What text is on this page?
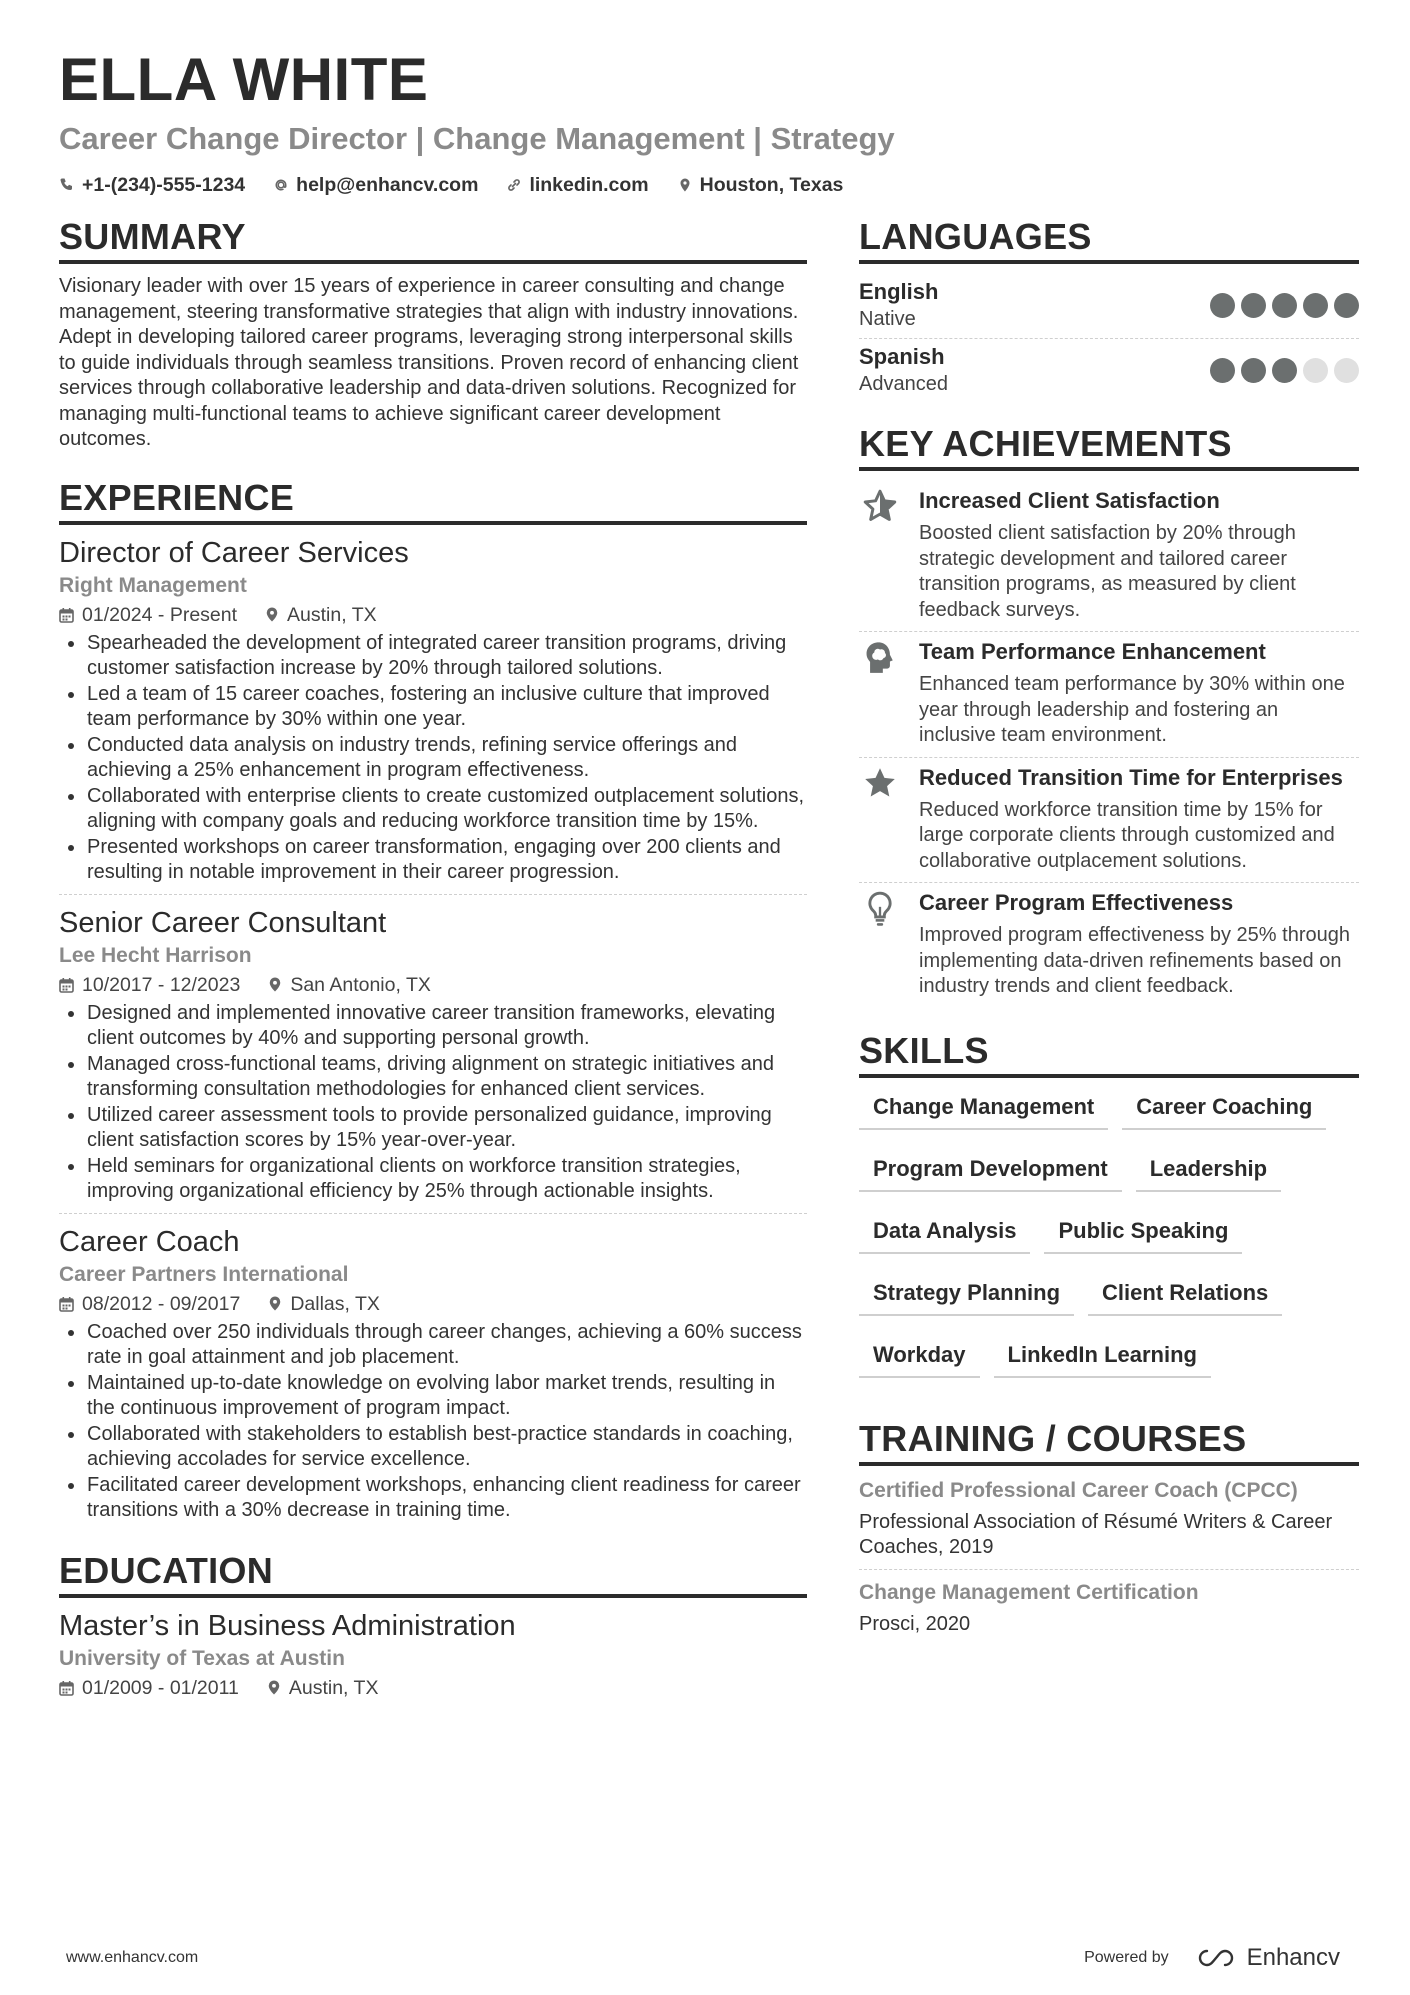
ELLA WHITE
Career Change Director | Change Management | Strategy
+1-(234)-555-1234	help@enhancv.com	linkedin.com	Houston, Texas
SUMMARY
Visionary leader with over 15 years of experience in career consulting and change management, steering transformative strategies that align with industry innovations. Adept in developing tailored career programs, leveraging strong interpersonal skills to guide individuals through seamless transitions. Proven record of enhancing client services through collaborative leadership and data-driven solutions. Recognized for managing multi-functional teams to achieve significant career development outcomes.
EXPERIENCE
Director of Career Services
Right Management
01/2024 - Present	Austin, TX
Spearheaded the development of integrated career transition programs, driving customer satisfaction increase by 20% through tailored solutions.
Led a team of 15 career coaches, fostering an inclusive culture that improved team performance by 30% within one year.
Conducted data analysis on industry trends, refining service offerings and achieving a 25% enhancement in program effectiveness.
Collaborated with enterprise clients to create customized outplacement solutions, aligning with company goals and reducing workforce transition time by 15%.
Presented workshops on career transformation, engaging over 200 clients and resulting in notable improvement in their career progression.
Senior Career Consultant
Lee Hecht Harrison
10/2017 - 12/2023	San Antonio, TX
Designed and implemented innovative career transition frameworks, elevating client outcomes by 40% and supporting personal growth.
Managed cross-functional teams, driving alignment on strategic initiatives and transforming consultation methodologies for enhanced client services.
Utilized career assessment tools to provide personalized guidance, improving client satisfaction scores by 15% year-over-year.
Held seminars for organizational clients on workforce transition strategies, improving organizational efficiency by 25% through actionable insights.
Career Coach
Career Partners International
08/2012 - 09/2017	Dallas, TX
Coached over 250 individuals through career changes, achieving a 60% success rate in goal attainment and job placement.
Maintained up-to-date knowledge on evolving labor market trends, resulting in the continuous improvement of program impact.
Collaborated with stakeholders to establish best-practice standards in coaching, achieving accolades for service excellence.
Facilitated career development workshops, enhancing client readiness for career transitions with a 30% decrease in training time.
EDUCATION
Master’s in Business Administration
University of Texas at Austin
01/2009 - 01/2011	Austin, TX
LANGUAGES
English
Native
Spanish
Advanced
KEY ACHIEVEMENTS
Increased Client Satisfaction
Boosted client satisfaction by 20% through strategic development and tailored career transition programs, as measured by client feedback surveys.
Team Performance Enhancement
Enhanced team performance by 30% within one year through leadership and fostering an inclusive team environment.
Reduced Transition Time for Enterprises
Reduced workforce transition time by 15% for large corporate clients through customized and collaborative outplacement solutions.
Career Program Effectiveness
Improved program effectiveness by 25% through implementing data-driven refinements based on industry trends and client feedback.
SKILLS
Change Management	Career Coaching
Program Development	Leadership
Data Analysis	Public Speaking
Strategy Planning	Client Relations
Workday	LinkedIn Learning
TRAINING / COURSES
Certified Professional Career Coach (CPCC)
Professional Association of Résumé Writers & Career Coaches, 2019
Change Management Certification
Prosci, 2020
www.enhancv.com	Powered by	Enhancv
